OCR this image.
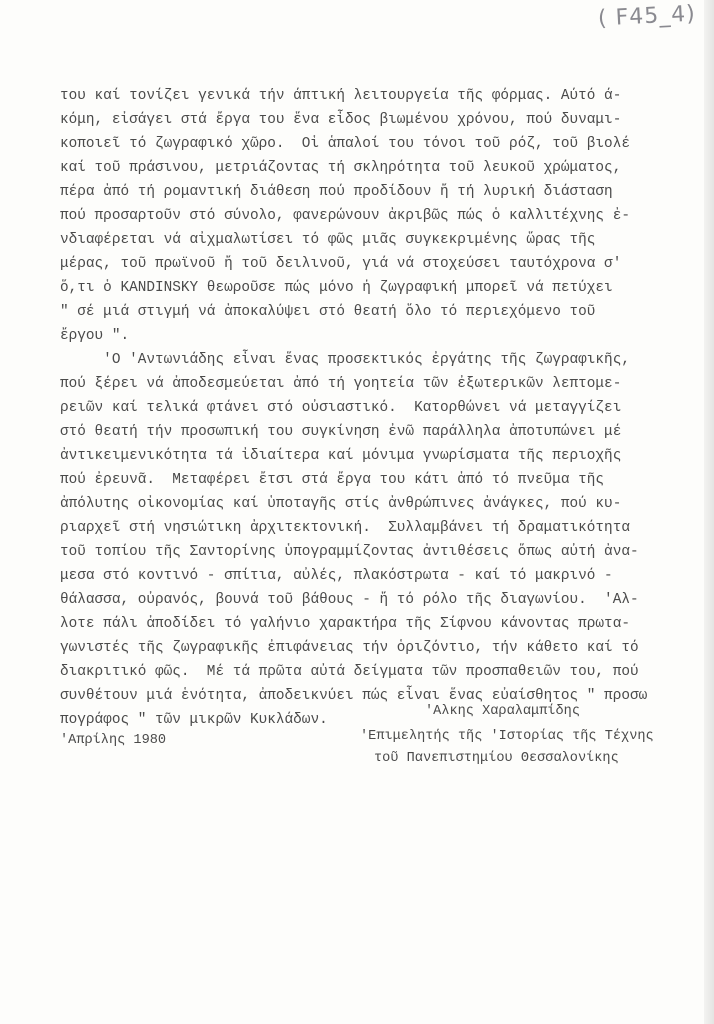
( F45_4)
του καί τονίζει γενικά τήν άπτική λειτουργεία τῆς φόρμας. Αύτό ά-
κόμη, εἰσάγει στά ἔργα του ἕνα εἶδος βιωμένου χρόνου, πού δυναμι-
κοποιεῖ τό ζωγραφικό χῶρο.  Οἱ ἁπαλοί του τόνοι τοῦ ρόζ, τοῦ βιολέ
καί τοῦ πράσινου, μετριάζοντας τή σκληρότητα τοῦ λευκοῦ χρώματος,
πέρα ἀπό τή ρομαντική διάθεση πού προδίδουν ἤ τή λυρική διάσταση
πού προσαρτοῦν στό σύνολο, φανερώνουν ἀκριβῶς πώς ὁ καλλιτέχνης ἐ-
νδιαφέρεται νά αἰχμαλωτίσει τό φῶς μιᾶς συγκεκριμένης ὥρας τῆς
μέρας, τοῦ πρωϊνοῦ ἤ τοῦ δειλινοῦ, γιά νά στοχεύσει ταυτόχρονα σ'
ὅ,τι ὁ KANDINSKY θεωροῦσε πώς μόνο ἡ ζωγραφική μπορεῖ νά πετύχει
" σέ μιά στιγμή νά ἀποκαλύψει στό θεατή ὅλο τό περιεχόμενο τοῦ
ἔργου ".
'Ο 'Αντωνιάδης εἶναι ἕνας προσεκτικός ἐργάτης τῆς ζωγραφικῆς,
πού ξέρει νά ἀποδεσμεύεται ἀπό τή γοητεία τῶν ἐξωτερικῶν λεπτομε-
ρειῶν καί τελικά φτάνει στό οὐσιαστικό.  Κατορθώνει νά μεταγγίζει
στό θεατή τήν προσωπική του συγκίνηση ἐνῶ παράλληλα ἀποτυπώνει μέ
ἀντικειμενικότητα τά ἰδιαίτερα καί μόνιμα γνωρίσματα τῆς περιοχῆς
πού ἐρευνᾶ.  Μεταφέρει ἔτσι στά ἔργα του κάτι ἀπό τό πνεῦμα τῆς
ἀπόλυτης οἰκονομίας καί ὑποταγῆς στίς ἀνθρώπινες ἀνάγκες, πού κυ-
ριαρχεῖ στή νησιώτικη ἀρχιτεκτονική.  Συλλαμβάνει τή δραματικότητα
τοῦ τοπίου τῆς Σαντορίνης ὑπογραμμίζοντας ἀντιθέσεις ὅπως αὐτή ἀνα-
μεσα στό κοντινό - σπίτια, αὐλές, πλακόστρωτα - καί τό μακρινό -
θάλασσα, οὐρανός, βουνά τοῦ βάθους - ἤ τό ρόλο τῆς διαγωνίου.  'Αλ-
λοτε πάλι ἀποδίδει τό γαλήνιο χαρακτήρα τῆς Σίφνου κάνοντας πρωτα-
γωνιστές τῆς ζωγραφικῆς ἐπιφάνειας τήν ὁριζόντιο, τήν κάθετο καί τό
διακριτικό φῶς.  Μέ τά πρῶτα αὐτά δείγματα τῶν προσπαθειῶν του, πού
συνθέτουν μιά ἑνότητα, ἀποδεικνύει πώς εἶναι ἕνας εὐαίσθητος " προσω
πογράφος " τῶν μικρῶν Κυκλάδων.
'Αλκης Χαραλαμπίδης
'Απρίλης 1980	'Επιμελητής τῆς 'Ιστορίας τῆς Τέχνης
τοῦ Πανεπιστημίου Θεσσαλονίκης
